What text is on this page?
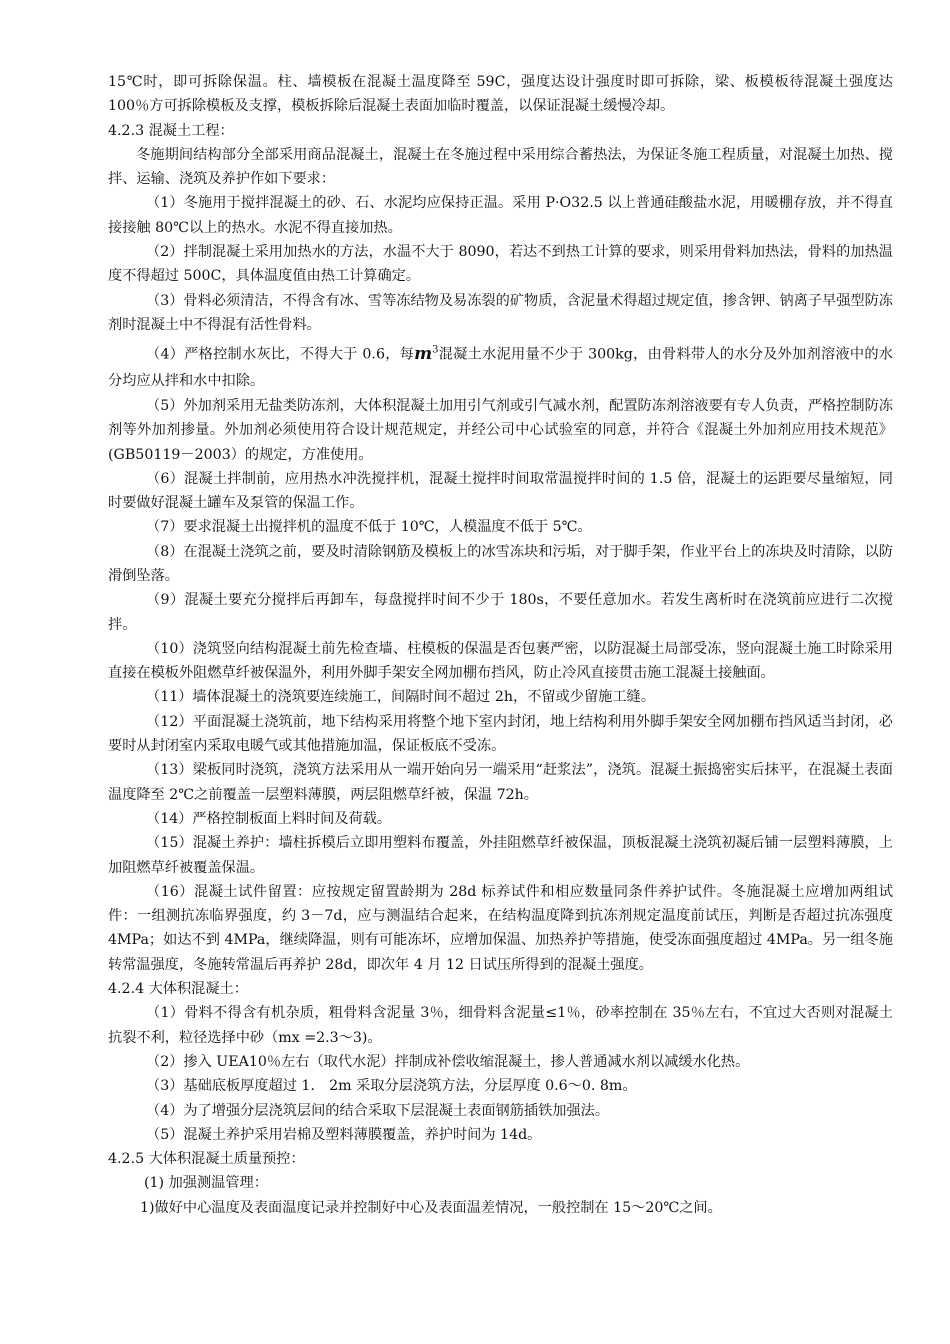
15℃时，即可拆除保温。柱、墙模板在混凝土温度降至 59C，强度达设计强度时即可拆除，梁、板模板待混凝土强度达 100％方可拆除模板及支撑，模板拆除后混凝土表面加临时覆盖，以保证混凝土缓慢冷却。

4.2.3 混凝土工程：

冬施期间结构部分全部采用商品混凝土，混凝土在冬施过程中采用综合蓄热法，为保证冬施工程质量，对混凝土加热、搅拌、运输、浇筑及养护作如下要求：

（1）冬施用于搅拌混凝土的砂、石、水泥均应保持正温。采用 P·O32.5 以上普通硅酸盐水泥，用暖棚存放，并不得直接接触 80℃以上的热水。水泥不得直接加热。

（2）拌制混凝土采用加热水的方法，水温不大于 8090，若达不到热工计算的要求，则采用骨料加热法，骨料的加热温度不得超过 500C，具体温度值由热工计算确定。

（3）骨料必须清洁，不得含有冰、雪等冻结物及易冻裂的矿物质，含泥量术得超过规定值，掺含钾、钠离子早强型防冻剂时混凝土中不得混有活性骨料。

（4）严格控制水灰比，不得大于 0.6，每$m^3$混凝土水泥用量不少于 300kg，由骨料带人的水分及外加剂溶液中的水分均应从拌和水中扣除。

（5）外加剂采用无盐类防冻剂，大体积混凝土加用引气剂或引气减水剂，配置防冻剂溶液要有专人负责，严格控制防冻剂等外加剂掺量。外加剂必须使用符合设计规范规定，并经公司中心试验室的同意，并符合《混凝土外加剂应用技术规范》(GB50119－2003）的规定，方准使用。

（6）混凝土拌制前，应用热水冲洗搅拌机，混凝土搅拌时间取常温搅拌时间的 1.5 倍，混凝土的运距要尽量缩短，同时要做好混凝土罐车及泵管的保温工作。

（7）要求混凝土出搅拌机的温度不低于 10℃，人模温度不低于 5℃。

（8）在混凝土浇筑之前，要及时清除钢筋及模板上的冰雪冻块和污垢，对于脚手架，作业平台上的冻块及时清除，以防滑倒坠落。

（9）混凝土要充分搅拌后再卸车，每盘搅拌时间不少于 180s，不要任意加水。若发生离析时在浇筑前应进行二次搅拌。

（10）浇筑竖向结构混凝土前先检查墙、柱模板的保温是否包裹严密，以防混凝土局部受冻，竖向混凝土施工时除采用直接在模板外阻燃草纤被保温外，利用外脚手架安全网加棚布挡风，防止冷风直接贯击施工混凝土接触面。

（11）墙体混凝土的浇筑要连续施工，间隔时间不超过 2h，不留或少留施工缝。

（12）平面混凝土浇筑前，地下结构采用将整个地下室内封闭，地上结构利用外脚手架安全网加棚布挡风适当封闭，必要时从封闭室内采取电暖气或其他措施加温，保证板底不受冻。

（13）梁板同时浇筑，浇筑方法采用从一端开始向另一端采用“赶浆法”，浇筑。混凝土振捣密实后抹平，在混凝土表面温度降至 2℃之前覆盖一层塑料薄膜，两层阻燃草纤被，保温 72h。

（14）严格控制板面上料时间及荷载。

（15）混凝土养护：墙柱拆模后立即用塑料布覆盖，外挂阻燃草纤被保温，顶板混凝土浇筑初凝后铺一层塑料薄膜，上加阻燃草纤被覆盖保温。

（16）混凝土试件留置：应按规定留置龄期为 28d 标养试件和相应数量同条件养护试件。冬施混凝土应增加两组试件：一组测抗冻临界强度，约 3－7d，应与测温结合起来，在结构温度降到抗冻剂规定温度前试压，判断是否超过抗冻强度 4MPa；如达不到 4MPa，继续降温，则有可能冻坏，应增加保温、加热养护等措施，使受冻面强度超过 4MPa。另一组冬施转常温强度，冬施转常温后再养护 28d，即次年 4 月 12 日试压所得到的混凝土强度。

4.2.4 大体积混凝土：

（1）骨料不得含有机杂质，粗骨料含泥量 3％，细骨料含泥量≤1％，砂率控制在 35％左右，不宜过大否则对混凝土抗裂不利，粒径选择中砂（mx =2.3～3)。

（2）掺入 UEA10％左右（取代水泥）拌制成补偿收缩混凝土，掺人普通减水剂以减缓水化热。

（3）基础底板厚度超过 1． 2m 采取分层浇筑方法，分层厚度 0.6～0. 8m。

（4）为了增强分层浇筑层间的结合采取下层混凝土表面钢筋插铁加强法。

（5）混凝土养护采用岩棉及塑料薄膜覆盖，养护时间为 14d。

4.2.5 大体积混凝土质量预控：

(1) 加强测温管理：

1)做好中心温度及表面温度记录并控制好中心及表面温差情况，一般控制在 15～20℃之间。
